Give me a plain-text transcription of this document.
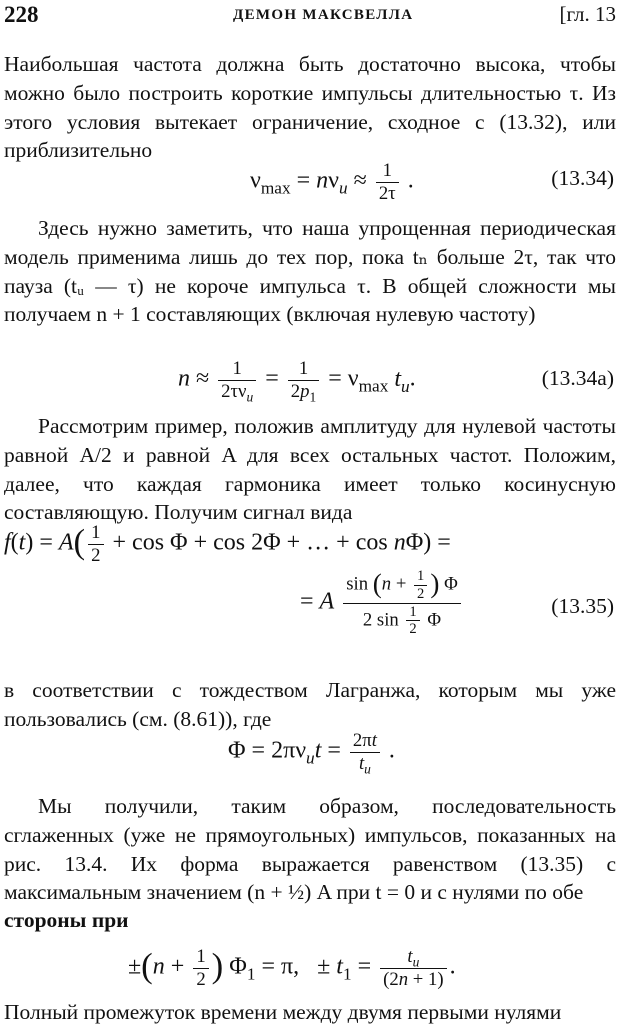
228	ДЕМОН МАКСВЕЛЛА	[гл. 13
Наибольшая частота должна быть достаточно высока, чтобы можно было построить короткие импульсы длительностью τ. Из этого условия вытекает ограничение, сходное с (13.32), или приблизительно
$\nu_{max} = n\nu_u \approx \frac{1}{2\tau}$ .	(13.34)
Здесь нужно заметить, что наша упрощенная периодическая модель применима лишь до тех пор, пока tₙ больше 2τ, так что пауза (tᵤ — τ) не короче импульса τ. В общей сложности мы получаем n + 1 составляющих (включая нулевую частоту)
$n \approx \frac{1}{2\tau\nu_u} = \frac{1}{2p_1} = \nu_{max}$ $t_u$.	(13.34a)
Рассмотрим пример, положив амплитуду для нулевой частоты равной A/2 и равной A для всех остальных частот. Положим, далее, что каждая гармоника имеет только косинусную составляющую. Получим сигнал вида
$f(t) = A( \frac{1}{2} + \cos \Phi + \cos 2\Phi$ + … + cos nΦ) =
= A $\frac{\sin (n + \frac{1}{2} ) \Phi}{2 \sin \frac{1}{2} \Phi}$	(13.35)
в соответствии с тождеством Лагранжа, которым мы уже пользовались (см. (8.61)), где
$\Phi = 2\pi\nu_ut = \frac{2\pi t}{t_u}$ .
Мы получили, таким образом, последовательность сглаженных (уже не прямоугольных) импульсов, показанных на рис. 13.4. Их форма выражается равенством (13.35) с максимальным значением (n + ½) A при t = 0 и с нулями по обе
стороны при
$\pm(n + \frac{1}{2}$ ) $\Phi_1 = \pi$,   ± $t_1 = \frac{t_u}{(2n + 1)}$ .
Полный промежуток времени между двумя первыми нулями
